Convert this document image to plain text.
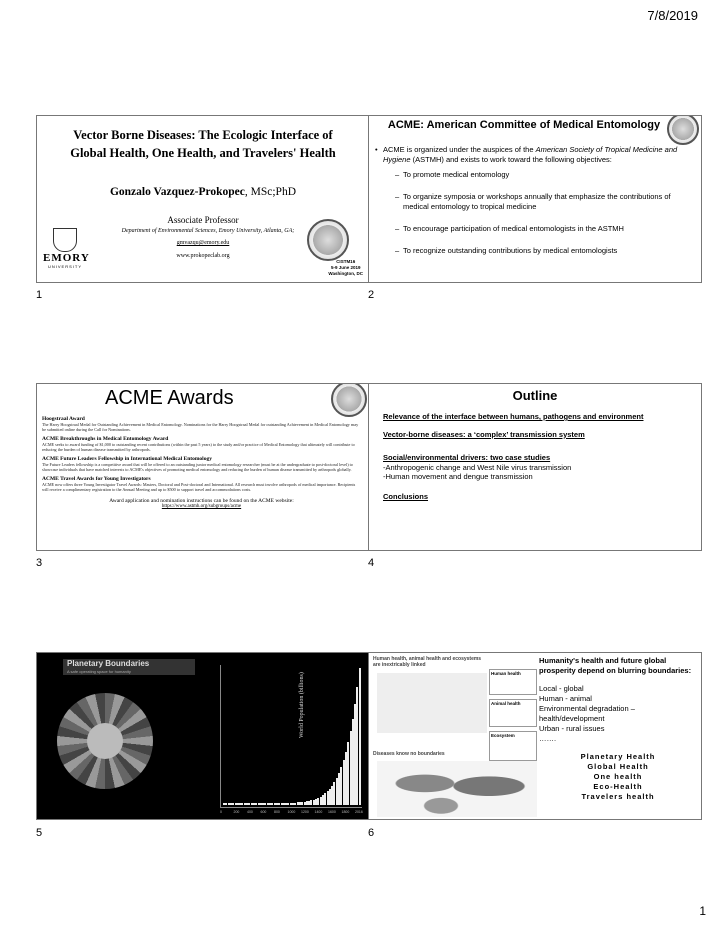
7/8/2019
Vector Borne Diseases: The Ecologic Interface of Global Health, One Health, and Travelers' Health
Gonzalo Vazquez-Prokopec, MSc;PhD
Associate Professor
Department of Environmental Sciences, Emory University, Atlanta, GA;
gmvazqu@emory.edu
www.prokopeclab.org
EMORY
UNIVERSITY
CISTM16
5-9 June 2019
Washington, DC
1
ACME: American Committee of Medical Entomology
• ACME is organized under the auspices of the American Society of Tropical Medicine and Hygiene (ASTMH) and exists to work toward the following objectives:
– To promote medical entomology
– To organize symposia or workshops annually that emphasize the contributions of medical entomology to tropical medicine
– To encourage participation of medical entomologists in the ASTMH
– To recognize outstanding contributions by medical entomologists
2
ACME Awards
Hoogstraal Award
The Harry Hoogstraal Medal for Outstanding Achievement in Medical Entomology. Nominations for the Harry Hoogstraal Medal for outstanding Achievement in Medical Entomology may be submitted online during the Call for Nominations.
ACME Breakthroughs in Medical Entomology Award
ACME seeks to award funding of $1,000 to outstanding recent contributions (within the past 5 years) to the study and/or practice of Medical Entomology that ultimately will contribute to reducing the burden of human disease transmitted by arthropods.
ACME Future Leaders Fellowship in International Medical Entomology
The Future Leaders fellowship is a competitive award that will be offered to an outstanding junior medical entomology researcher (must be at the undergraduate to post-doctoral level) to showcase individuals that have matched interests to ACME's objectives of promoting medical entomology and reducing the burden of human disease transmitted by arthropods globally.
ACME Travel Awards for Young Investigators
ACME now offers three Young Investigator Travel Awards: Masters, Doctoral and Post-doctoral and International. All research must involve arthropods of medical importance. Recipients will receive a complimentary registration to the Annual Meeting and up to $500 to support travel and accommodations costs.
Award application and nomination instructions can be found on the ACME website:
https://www.astmh.org/subgroups/acme
3
Outline
Relevance of the interface between humans, pathogens and environment
Vector-borne diseases: a ‘complex’ transmission system
Social/environmental drivers: two case studies
-Anthropogenic change and West Nile virus transmission
-Human movement and dengue transmission
Conclusions
4
Planetary Boundaries
A safe operating space for humanity
World Population (billions)
0	200 400 600 800 1000 1200 1400 1600 1800 2016
5
Human health, animal health and ecosystems are inextricably linked
Human health
Animal health
Ecosystem
Diseases know no boundaries
Humanity's health and future global prosperity depend on blurring boundaries:
Local - global
Human - animal
Environmental degradation – health/development
Urban - rural issues
…….
Planetary Health
Global Health
One health
Eco-Health
Travelers health
6
1
